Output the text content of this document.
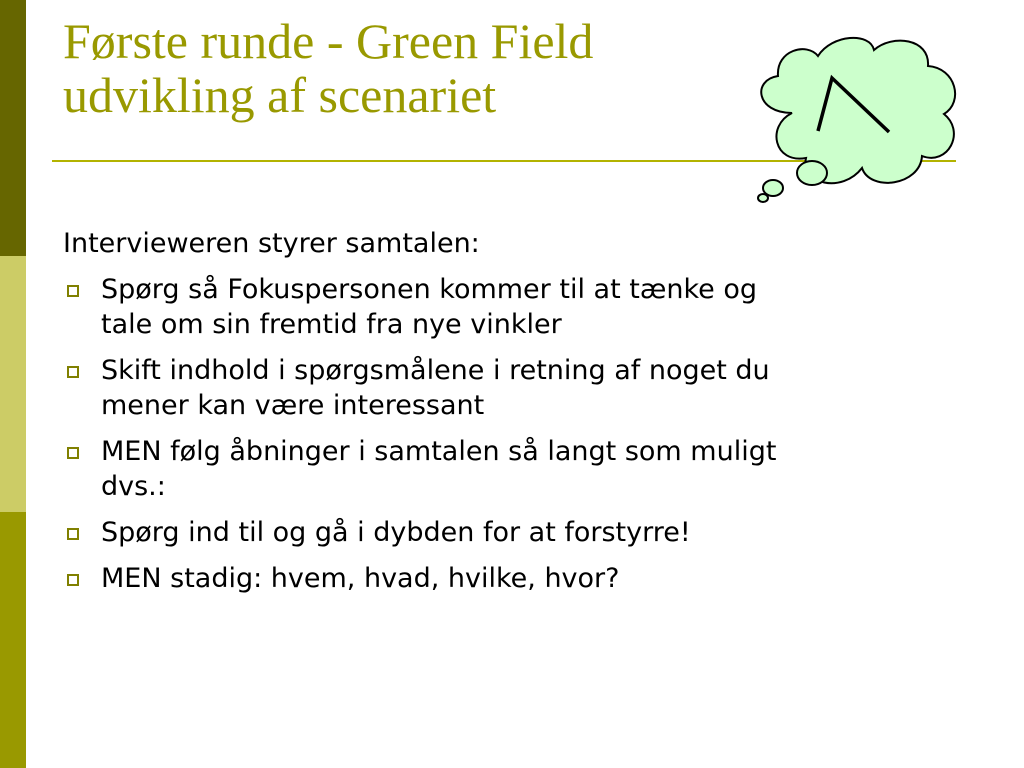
Første runde - Green Field
udvikling af scenariet

Intervieweren styrer samtalen:

Spørg så Fokuspersonen kommer til at tænke og
tale om sin fremtid fra nye vinkler
Skift indhold i spørgsmålene i retning af noget du
mener kan være interessant
MEN følg åbninger i samtalen så langt som muligt
dvs.:
Spørg ind til og gå i dybden for at forstyrre!
MEN stadig: hvem, hvad, hvilke, hvor?
